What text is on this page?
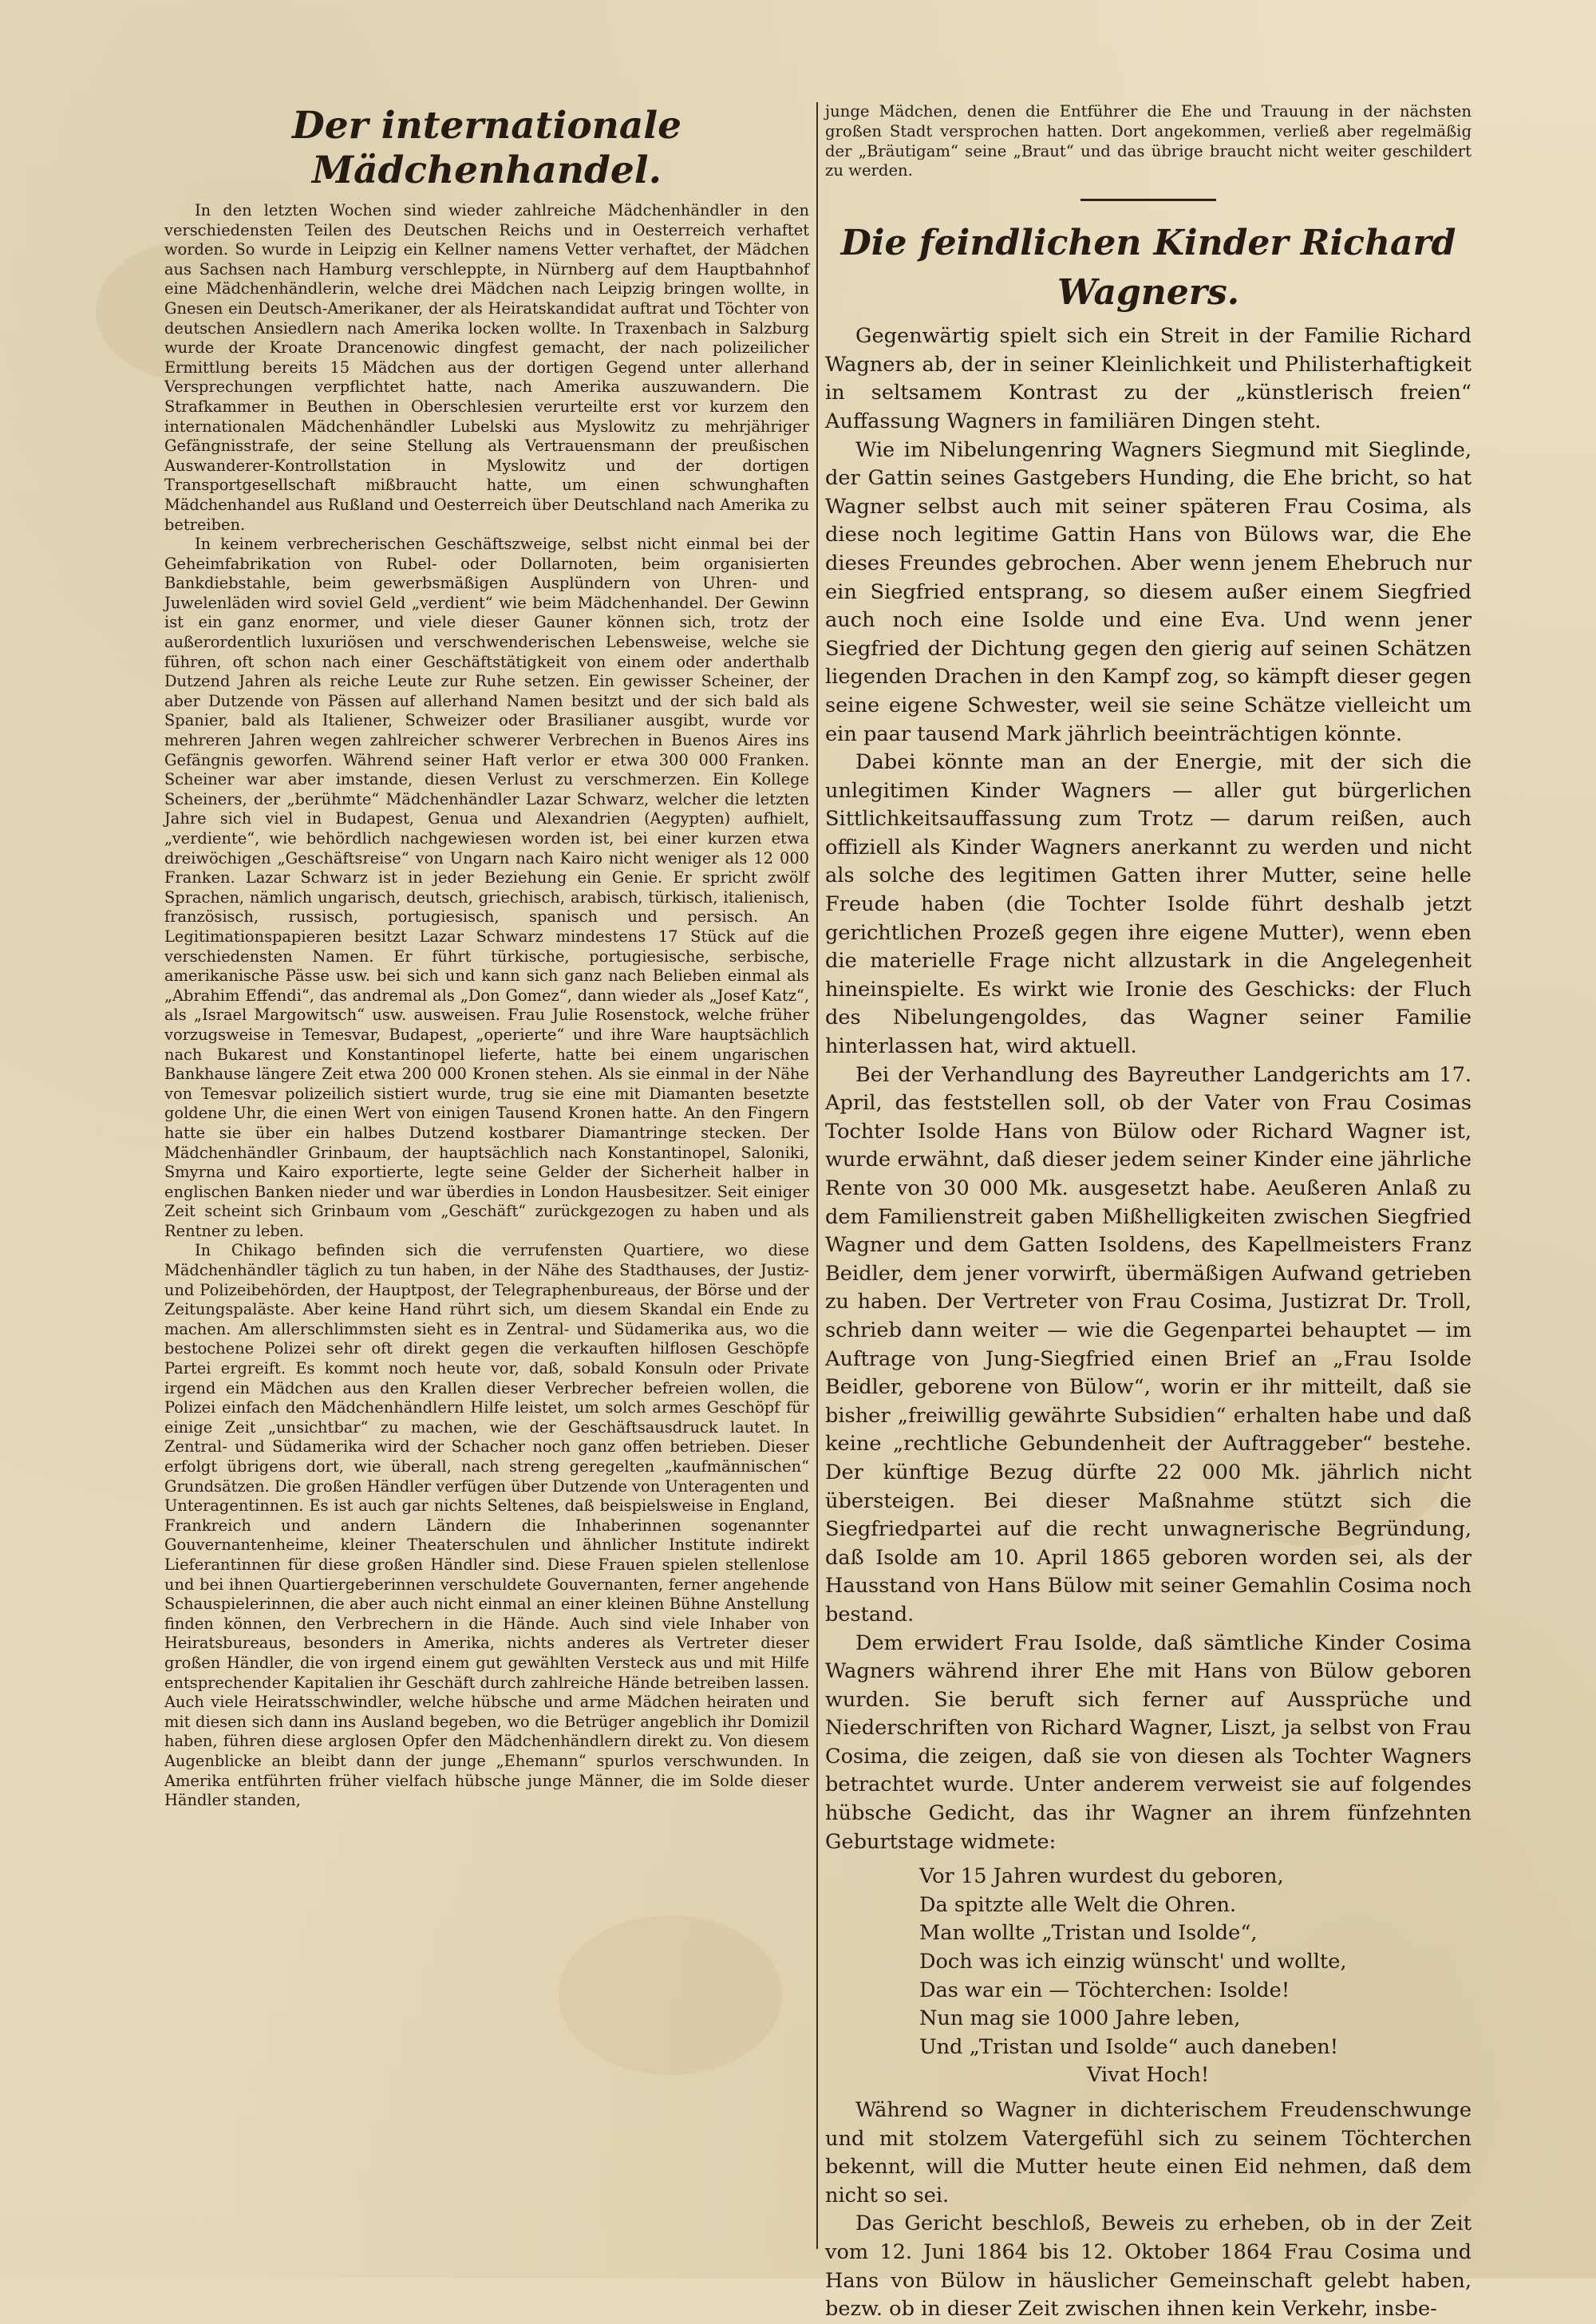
Der internationale Mädchenhandel.

In den letzten Wochen sind wieder zahlreiche Mädchenhändler in den verschiedensten Teilen des Deutschen Reichs und in Oesterreich verhaftet worden. So wurde in Leipzig ein Kellner namens Vetter verhaftet, der Mädchen aus Sachsen nach Hamburg verschleppte, in Nürnberg auf dem Hauptbahnhof eine Mädchenhändlerin, welche drei Mädchen nach Leipzig bringen wollte, in Gnesen ein Deutsch-Amerikaner, der als Heiratskandidat auftrat und Töchter von deutschen Ansiedlern nach Amerika locken wollte. In Traxenbach in Salzburg wurde der Kroate Drancenowic dingfest gemacht, der nach polizeilicher Ermittlung bereits 15 Mädchen aus der dortigen Gegend unter allerhand Versprechungen verpflichtet hatte, nach Amerika auszuwandern. Die Strafkammer in Beuthen in Oberschlesien verurteilte erst vor kurzem den internationalen Mädchenhändler Lubelski aus Myslowitz zu mehrjähriger Gefängnisstrafe, der seine Stellung als Vertrauensmann der preußischen Auswanderer-Kontrollstation in Myslowitz und der dortigen Transportgesellschaft mißbraucht hatte, um einen schwunghaften Mädchenhandel aus Rußland und Oesterreich über Deutschland nach Amerika zu betreiben.

In keinem verbrecherischen Geschäftszweige, selbst nicht einmal bei der Geheimfabrikation von Rubel- oder Dollarnoten, beim organisierten Bankdiebstahle, beim gewerbsmäßigen Ausplündern von Uhren- und Juwelenläden wird soviel Geld „verdient“ wie beim Mädchenhandel. Der Gewinn ist ein ganz enormer, und viele dieser Gauner können sich, trotz der außerordentlich luxuriösen und verschwenderischen Lebensweise, welche sie führen, oft schon nach einer Geschäftstätigkeit von einem oder anderthalb Dutzend Jahren als reiche Leute zur Ruhe setzen. Ein gewisser Scheiner, der aber Dutzende von Pässen auf allerhand Namen besitzt und der sich bald als Spanier, bald als Italiener, Schweizer oder Brasilianer ausgibt, wurde vor mehreren Jahren wegen zahlreicher schwerer Verbrechen in Buenos Aires ins Gefängnis geworfen. Während seiner Haft verlor er etwa 300 000 Franken. Scheiner war aber imstande, diesen Verlust zu verschmerzen. Ein Kollege Scheiners, der „berühmte“ Mädchenhändler Lazar Schwarz, welcher die letzten Jahre sich viel in Budapest, Genua und Alexandrien (Aegypten) aufhielt, „verdiente“, wie behördlich nachgewiesen worden ist, bei einer kurzen etwa dreiwöchigen „Geschäftsreise“ von Ungarn nach Kairo nicht weniger als 12 000 Franken. Lazar Schwarz ist in jeder Beziehung ein Genie. Er spricht zwölf Sprachen, nämlich ungarisch, deutsch, griechisch, arabisch, türkisch, italienisch, französisch, russisch, portugiesisch, spanisch und persisch. An Legitimationspapieren besitzt Lazar Schwarz mindestens 17 Stück auf die verschiedensten Namen. Er führt türkische, portugiesische, serbische, amerikanische Pässe usw. bei sich und kann sich ganz nach Belieben einmal als „Abrahim Effendi“, das andremal als „Don Gomez“, dann wieder als „Josef Katz“, als „Israel Margowitsch“ usw. ausweisen. Frau Julie Rosenstock, welche früher vorzugsweise in Temesvar, Budapest, „operierte“ und ihre Ware hauptsächlich nach Bukarest und Konstantinopel lieferte, hatte bei einem ungarischen Bankhause längere Zeit etwa 200 000 Kronen stehen. Als sie einmal in der Nähe von Temesvar polizeilich sistiert wurde, trug sie eine mit Diamanten besetzte goldene Uhr, die einen Wert von einigen Tausend Kronen hatte. An den Fingern hatte sie über ein halbes Dutzend kostbarer Diamantringe stecken. Der Mädchenhändler Grinbaum, der hauptsächlich nach Konstantinopel, Saloniki, Smyrna und Kairo exportierte, legte seine Gelder der Sicherheit halber in englischen Banken nieder und war überdies in London Hausbesitzer. Seit einiger Zeit scheint sich Grinbaum vom „Geschäft“ zurückgezogen zu haben und als Rentner zu leben.

In Chikago befinden sich die verrufensten Quartiere, wo diese Mädchenhändler täglich zu tun haben, in der Nähe des Stadthauses, der Justiz- und Polizeibehörden, der Hauptpost, der Telegraphenbureaus, der Börse und der Zeitungspaläste. Aber keine Hand rührt sich, um diesem Skandal ein Ende zu machen. Am allerschlimmsten sieht es in Zentral- und Südamerika aus, wo die bestochene Polizei sehr oft direkt gegen die verkauften hilflosen Geschöpfe Partei ergreift. Es kommt noch heute vor, daß, sobald Konsuln oder Private irgend ein Mädchen aus den Krallen dieser Verbrecher befreien wollen, die Polizei einfach den Mädchenhändlern Hilfe leistet, um solch armes Geschöpf für einige Zeit „unsichtbar“ zu machen, wie der Geschäftsausdruck lautet. In Zentral- und Südamerika wird der Schacher noch ganz offen betrieben. Dieser erfolgt übrigens dort, wie überall, nach streng geregelten „kaufmännischen“ Grundsätzen. Die großen Händler verfügen über Dutzende von Unteragenten und Unteragentinnen. Es ist auch gar nichts Seltenes, daß beispielsweise in England, Frankreich und andern Ländern die Inhaberinnen sogenannter Gouvernantenheime, kleiner Theaterschulen und ähnlicher Institute indirekt Lieferantinnen für diese großen Händler sind. Diese Frauen spielen stellenlose und bei ihnen Quartiergeberinnen verschuldete Gouvernanten, ferner angehende Schauspielerinnen, die aber auch nicht einmal an einer kleinen Bühne Anstellung finden können, den Verbrechern in die Hände. Auch sind viele Inhaber von Heiratsbureaus, besonders in Amerika, nichts anderes als Vertreter dieser großen Händler, die von irgend einem gut gewählten Versteck aus und mit Hilfe entsprechender Kapitalien ihr Geschäft durch zahlreiche Hände betreiben lassen. Auch viele Heiratsschwindler, welche hübsche und arme Mädchen heiraten und mit diesen sich dann ins Ausland begeben, wo die Betrüger angeblich ihr Domizil haben, führen diese arglosen Opfer den Mädchenhändlern direkt zu. Von diesem Augenblicke an bleibt dann der junge „Ehemann“ spurlos verschwunden. In Amerika entführten früher vielfach hübsche junge Männer, die im Solde dieser Händler standen,

junge Mädchen, denen die Entführer die Ehe und Trauung in der nächsten großen Stadt versprochen hatten. Dort angekommen, verließ aber regelmäßig der „Bräutigam“ seine „Braut“ und das übrige braucht nicht weiter geschildert zu werden.

Die feindlichen Kinder Richard Wagners.

Gegenwärtig spielt sich ein Streit in der Familie Richard Wagners ab, der in seiner Kleinlichkeit und Philisterhaftigkeit in seltsamem Kontrast zu der „künstlerisch freien“ Auffassung Wagners in familiären Dingen steht.

Wie im Nibelungenring Wagners Siegmund mit Sieglinde, der Gattin seines Gastgebers Hunding, die Ehe bricht, so hat Wagner selbst auch mit seiner späteren Frau Cosima, als diese noch legitime Gattin Hans von Bülows war, die Ehe dieses Freundes gebrochen. Aber wenn jenem Ehebruch nur ein Siegfried entsprang, so diesem außer einem Siegfried auch noch eine Isolde und eine Eva. Und wenn jener Siegfried der Dichtung gegen den gierig auf seinen Schätzen liegenden Drachen in den Kampf zog, so kämpft dieser gegen seine eigene Schwester, weil sie seine Schätze vielleicht um ein paar tausend Mark jährlich beeinträchtigen könnte.

Dabei könnte man an der Energie, mit der sich die unlegitimen Kinder Wagners — aller gut bürgerlichen Sittlichkeitsauffassung zum Trotz — darum reißen, auch offiziell als Kinder Wagners anerkannt zu werden und nicht als solche des legitimen Gatten ihrer Mutter, seine helle Freude haben (die Tochter Isolde führt deshalb jetzt gerichtlichen Prozeß gegen ihre eigene Mutter), wenn eben die materielle Frage nicht allzustark in die Angelegenheit hineinspielte. Es wirkt wie Ironie des Geschicks: der Fluch des Nibelungengoldes, das Wagner seiner Familie hinterlassen hat, wird aktuell.

Bei der Verhandlung des Bayreuther Landgerichts am 17. April, das feststellen soll, ob der Vater von Frau Cosimas Tochter Isolde Hans von Bülow oder Richard Wagner ist, wurde erwähnt, daß dieser jedem seiner Kinder eine jährliche Rente von 30 000 Mk. ausgesetzt habe. Aeußeren Anlaß zu dem Familienstreit gaben Mißhelligkeiten zwischen Siegfried Wagner und dem Gatten Isoldens, des Kapellmeisters Franz Beidler, dem jener vorwirft, übermäßigen Aufwand getrieben zu haben. Der Vertreter von Frau Cosima, Justizrat Dr. Troll, schrieb dann weiter — wie die Gegenpartei behauptet — im Auftrage von Jung-Siegfried einen Brief an „Frau Isolde Beidler, geborene von Bülow“, worin er ihr mitteilt, daß sie bisher „freiwillig gewährte Subsidien“ erhalten habe und daß keine „rechtliche Gebundenheit der Auftraggeber“ bestehe. Der künftige Bezug dürfte 22 000 Mk. jährlich nicht übersteigen. Bei dieser Maßnahme stützt sich die Siegfriedpartei auf die recht unwagnerische Begründung, daß Isolde am 10. April 1865 geboren worden sei, als der Hausstand von Hans Bülow mit seiner Gemahlin Cosima noch bestand.

Dem erwidert Frau Isolde, daß sämtliche Kinder Cosima Wagners während ihrer Ehe mit Hans von Bülow geboren wurden. Sie beruft sich ferner auf Aussprüche und Niederschriften von Richard Wagner, Liszt, ja selbst von Frau Cosima, die zeigen, daß sie von diesen als Tochter Wagners betrachtet wurde. Unter anderem verweist sie auf folgendes hübsche Gedicht, das ihr Wagner an ihrem fünfzehnten Geburtstage widmete:

Vor 15 Jahren wurdest du geboren,
Da spitzte alle Welt die Ohren.
Man wollte „Tristan und Isolde“,
Doch was ich einzig wünscht' und wollte,
Das war ein — Töchterchen: Isolde!
Nun mag sie 1000 Jahre leben,
Und „Tristan und Isolde“ auch daneben!
Vivat Hoch!

Während so Wagner in dichterischem Freudenschwunge und mit stolzem Vatergefühl sich zu seinem Töchterchen bekennt, will die Mutter heute einen Eid nehmen, daß dem nicht so sei.

Das Gericht beschloß, Beweis zu erheben, ob in der Zeit vom 12. Juni 1864 bis 12. Oktober 1864 Frau Cosima und Hans von Bülow in häuslicher Gemeinschaft gelebt haben, bezw. ob in dieser Zeit zwischen ihnen kein Verkehr, insbe-
